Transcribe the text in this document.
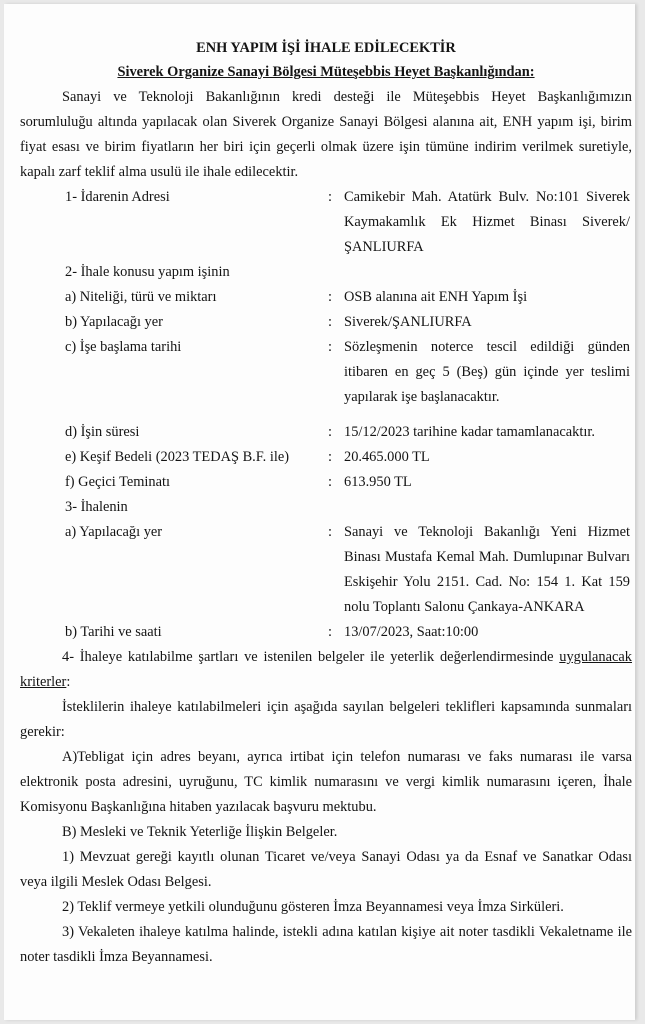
ENH YAPIM İŞİ İHALE EDİLECEKTİR
Siverek Organize Sanayi Bölgesi Müteşebbis Heyet Başkanlığından:

Sanayi ve Teknoloji Bakanlığının kredi desteği ile Müteşebbis Heyet Başkanlığımızın sorumluluğu altında yapılacak olan Siverek Organize Sanayi Bölgesi alanına ait, ENH yapım işi, birim fiyat esası ve birim fiyatların her biri için geçerli olmak üzere işin tümüne indirim verilmek suretiyle, kapalı zarf teklif alma usulü ile ihale edilecektir.

1- İdarenin Adresi	: Camikebir Mah. Atatürk Bulv. No:101 Siverek Kaymakamlık Ek Hizmet Binası Siverek/ŞANLIURFA
2- İhale konusu yapım işinin
a) Niteliği, türü ve miktarı	: OSB alanına ait ENH Yapım İşi
b) Yapılacağı yer	: Siverek/ŞANLIURFA
c) İşe başlama tarihi	: Sözleşmenin noterce tescil edildiği günden itibaren en geç 5 (Beş) gün içinde yer teslimi yapılarak işe başlanacaktır.
d) İşin süresi	: 15/12/2023 tarihine kadar tamamlanacaktır.
e) Keşif Bedeli (2023 TEDAŞ B.F. ile)	: 20.465.000 TL
f) Geçici Teminatı	: 613.950 TL
3- İhalenin
a) Yapılacağı yer	: Sanayi ve Teknoloji Bakanlığı Yeni Hizmet Binası Mustafa Kemal Mah. Dumlupınar Bulvarı Eskişehir Yolu 2151. Cad. No: 154 1. Kat 159 nolu Toplantı Salonu Çankaya-ANKARA
b) Tarihi ve saati	: 13/07/2023, Saat:10:00

4- İhaleye katılabilme şartları ve istenilen belgeler ile yeterlik değerlendirmesinde uygulanacak kriterler:

İsteklilerin ihaleye katılabilmeleri için aşağıda sayılan belgeleri teklifleri kapsamında sunmaları gerekir:

A)Tebligat için adres beyanı, ayrıca irtibat için telefon numarası ve faks numarası ile varsa elektronik posta adresini, uyruğunu, TC kimlik numarasını ve vergi kimlik numarasını içeren, İhale Komisyonu Başkanlığına hitaben yazılacak başvuru mektubu.

B) Mesleki ve Teknik Yeterliğe İlişkin Belgeler.

1) Mevzuat gereği kayıtlı olunan Ticaret ve/veya Sanayi Odası ya da Esnaf ve Sanatkar Odası veya ilgili Meslek Odası Belgesi.

2) Teklif vermeye yetkili olunduğunu gösteren İmza Beyannamesi veya İmza Sirküleri.

3) Vekaleten ihaleye katılma halinde, istekli adına katılan kişiye ait noter tasdikli Vekaletname ile noter tasdikli İmza Beyannamesi.
